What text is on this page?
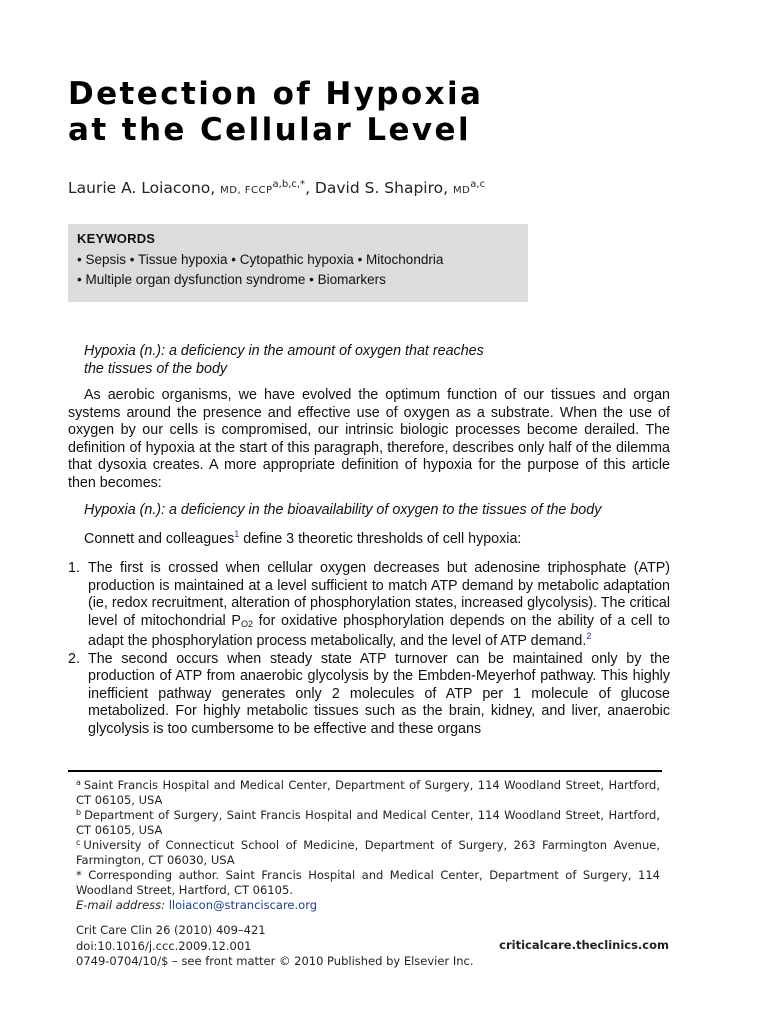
Detection of Hypoxia
at the Cellular Level
Laurie A. Loiacono, MD, $FCCP^{a,b,c,*}$, David S. Shapiro, MD$^{a,c}$
KEYWORDS
• Sepsis • Tissue hypoxia • Cytopathic hypoxia • Mitochondria
• Multiple organ dysfunction syndrome • Biomarkers
Hypoxia (n.): a deficiency in the amount of oxygen that reaches
the tissues of the body

As aerobic organisms, we have evolved the optimum function of our tissues and organ systems around the presence and effective use of oxygen as a substrate. When the use of oxygen by our cells is compromised, our intrinsic biologic processes become derailed. The definition of hypoxia at the start of this paragraph, therefore, describes only half of the dilemma that dysoxia creates. A more appropriate definition of hypoxia for the purpose of this article then becomes:

Hypoxia (n.): a deficiency in the bioavailability of oxygen to the tissues of the body
Connett and colleagues$^1$ define 3 theoretic thresholds of cell hypoxia:
1. The first is crossed when cellular oxygen decreases but adenosine triphosphate (ATP) production is maintained at a level sufficient to match ATP demand by metabolic adaptation (ie, redox recruitment, alteration of phosphorylation states, increased glycolysis). The critical level of mitochondrial $P_{O2}$ for oxidative phosphorylation depends on the ability of a cell to adapt the phosphorylation process metabolically, and the level of ATP demand.$^2$
2. The second occurs when steady state ATP turnover can be maintained only by the production of ATP from anaerobic glycolysis by the Embden-Meyerhof pathway. This highly inefficient pathway generates only 2 molecules of ATP per 1 molecule of glucose metabolized. For highly metabolic tissues such as the brain, kidney, and liver, anaerobic glycolysis is too cumbersome to be effective and these organs

$^a$ Saint Francis Hospital and Medical Center, Department of Surgery, 114 Woodland Street, Hartford, CT 06105, USA

$^b$ Department of Surgery, Saint Francis Hospital and Medical Center, 114 Woodland Street, Hartford, CT 06105, USA

$^c$ University of Connecticut School of Medicine, Department of Surgery, 263 Farmington Avenue, Farmington, CT 06030, USA

* Corresponding author. Saint Francis Hospital and Medical Center, Department of Surgery, 114 Woodland Street, Hartford, CT 06105.

E-mail address: lloiacon@stranciscare.org

Crit Care Clin 26 (2010) 409–421
doi:10.1016/j.ccc.2009.12.001
0749-0704/10/$ – see front matter © 2010 Published by Elsevier Inc.
criticalcare.theclinics.com
